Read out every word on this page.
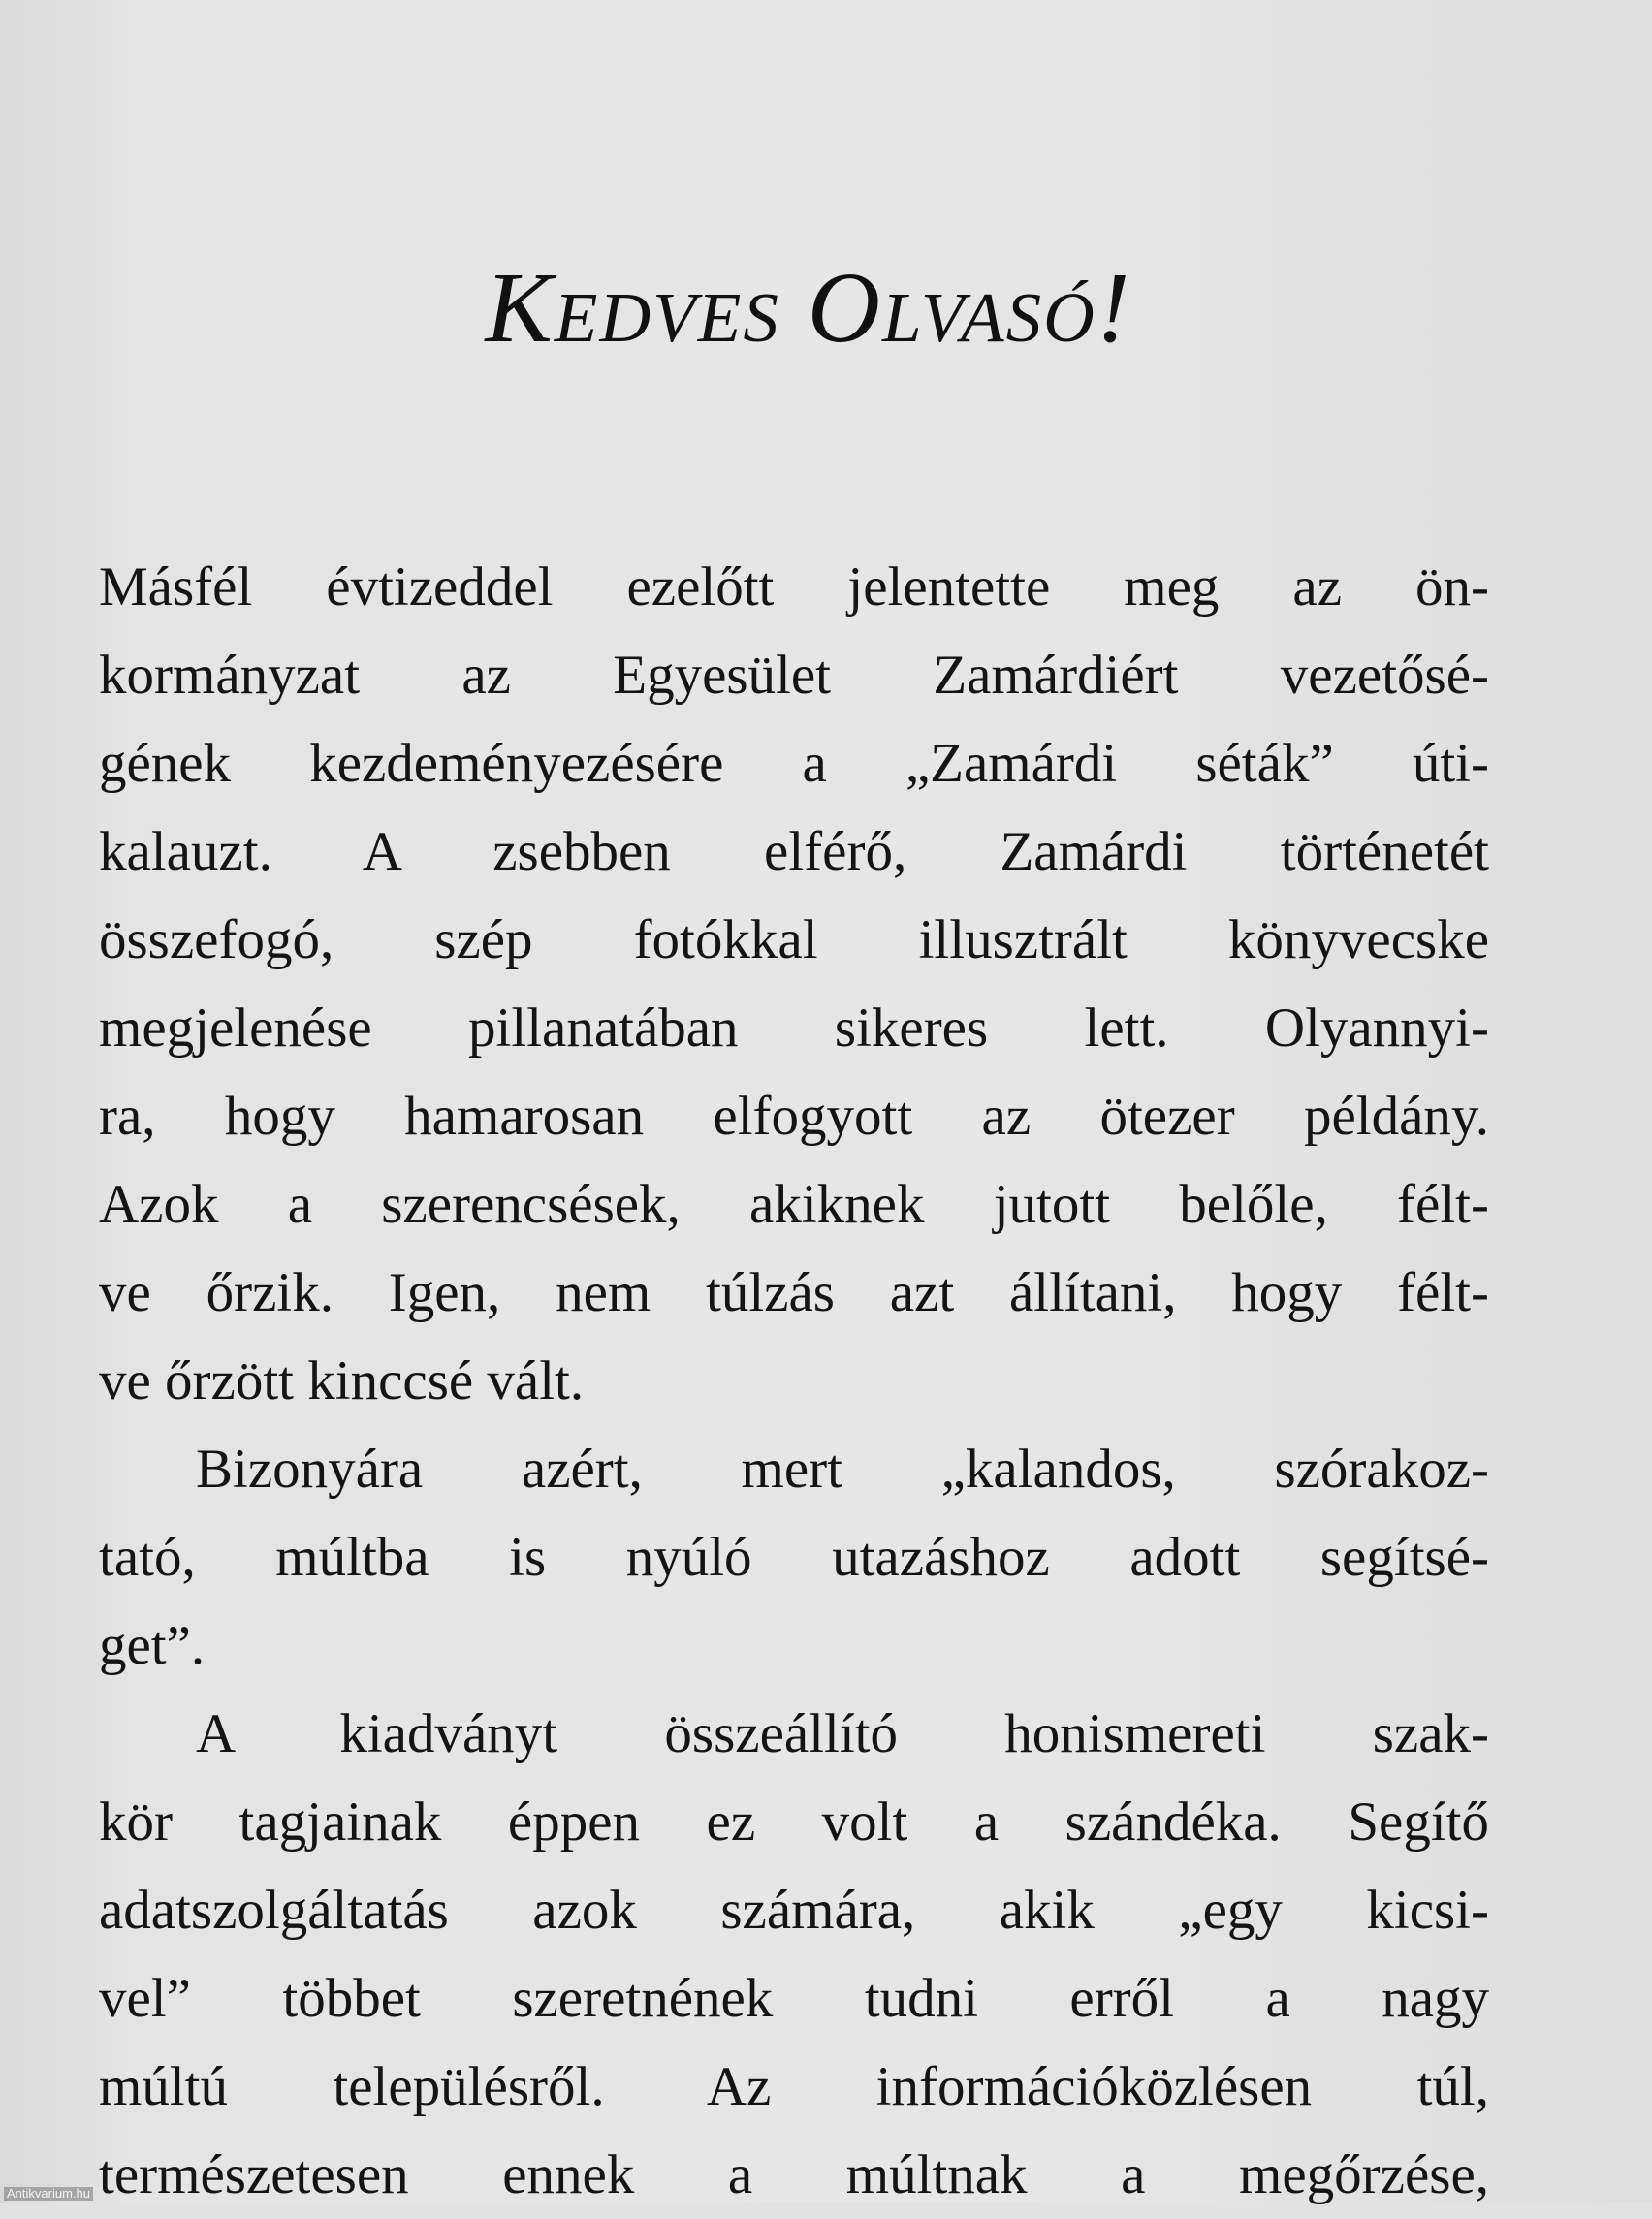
Kedves Olvasó!
Másfél évtizeddel ezelőtt jelentette meg az ön-
kormányzat az Egyesület Zamárdiért vezetősé-
gének kezdeményezésére a „Zamárdi séták” úti-
kalauzt. A zsebben elférő, Zamárdi történetét
összefogó, szép fotókkal illusztrált könyvecske
megjelenése pillanatában sikeres lett. Olyannyi-
ra, hogy hamarosan elfogyott az ötezer példány.
Azok a szerencsések, akiknek jutott belőle, félt-
ve őrzik. Igen, nem túlzás azt állítani, hogy félt-
ve őrzött kinccsé vált.
Bizonyára azért, mert „kalandos, szórakoz-
tató, múltba is nyúló utazáshoz adott segítsé-
get”.
A kiadványt összeállító honismereti szak-
kör tagjainak éppen ez volt a szándéka. Segítő
adatszolgáltatás azok számára, akik „egy kicsi-
vel” többet szeretnének tudni erről a nagy
múltú településről. Az információközlésen túl,
természetesen ennek a múltnak a megőrzése,
Antikvarium.hu
